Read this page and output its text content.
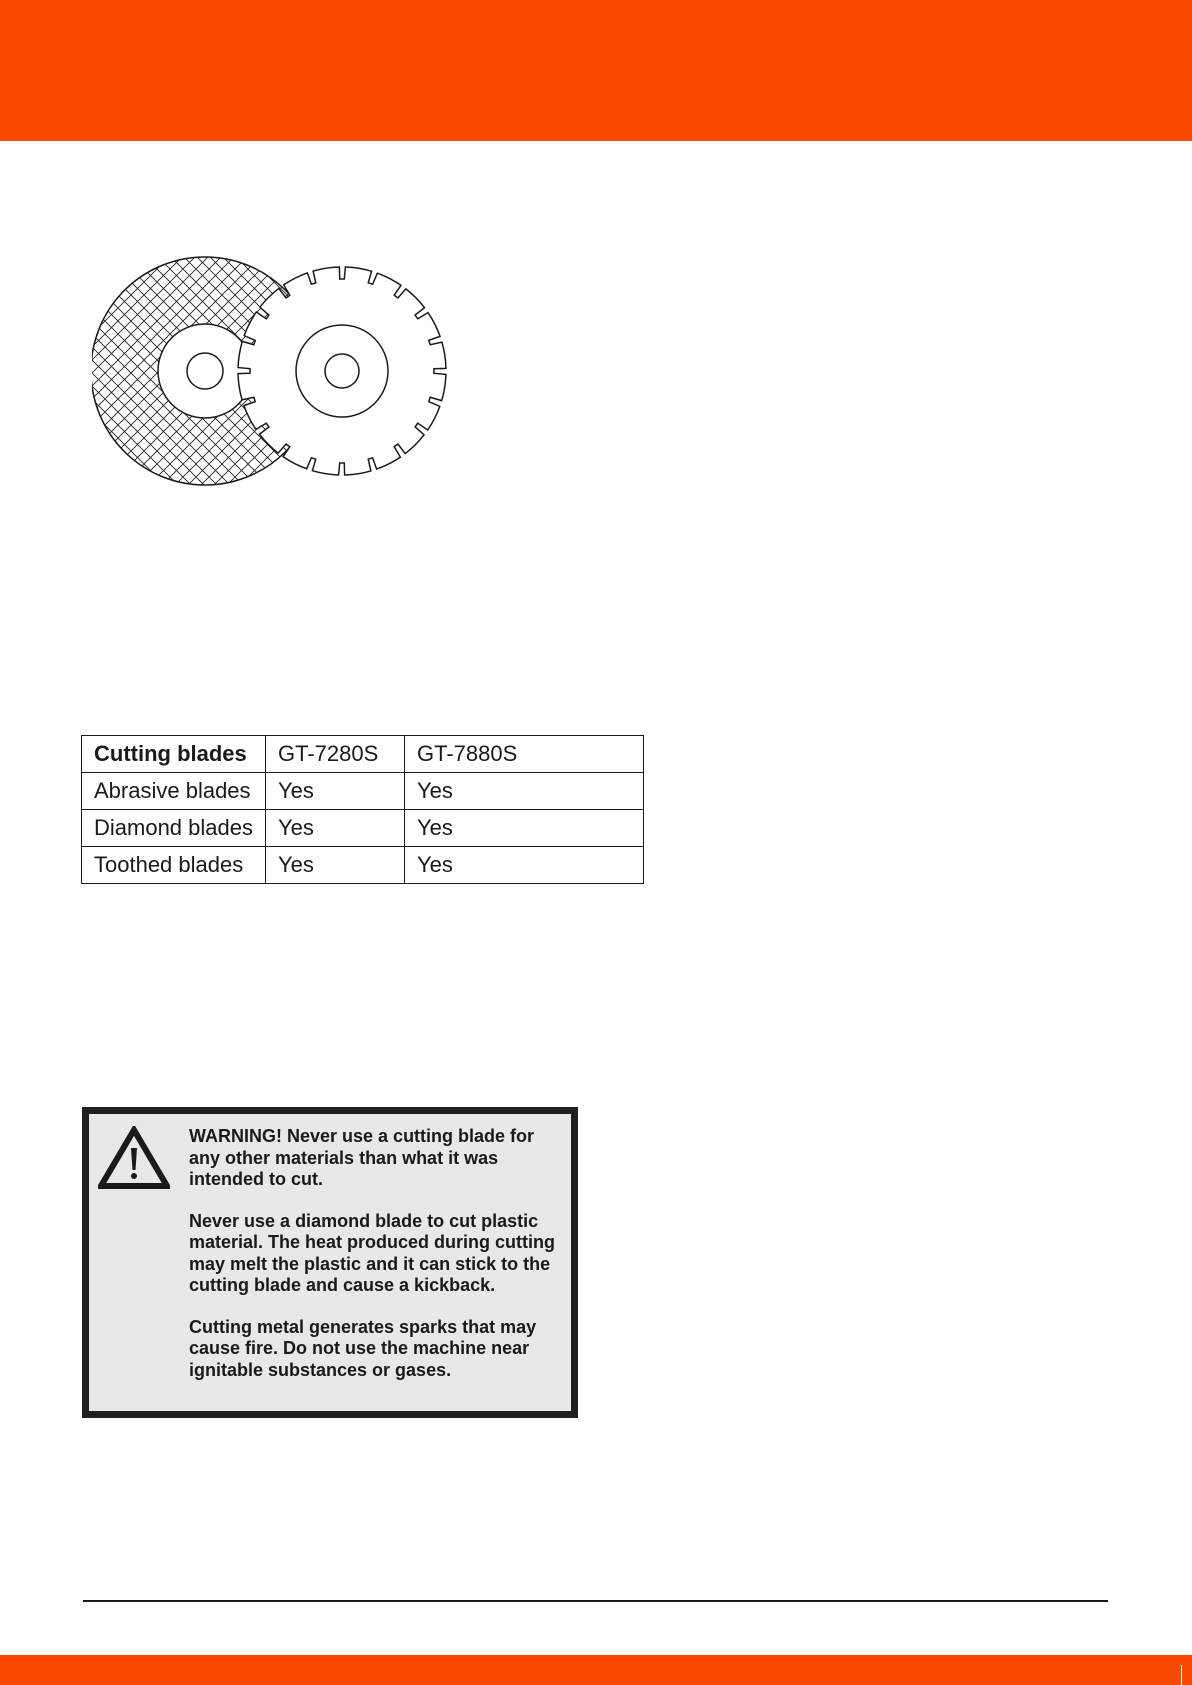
Cutting blades	GT-7280S	GT-7880S
Abrasive blades	Yes	Yes
Diamond blades	Yes	Yes
Toothed blades	Yes	Yes

WARNING! Never use a cutting blade for any other materials than what it was intended to cut.

Never use a diamond blade to cut plastic material. The heat produced during cutting may melt the plastic and it can stick to the cutting blade and cause a kickback.

Cutting metal generates sparks that may cause fire. Do not use the machine near ignitable substances or gases.
